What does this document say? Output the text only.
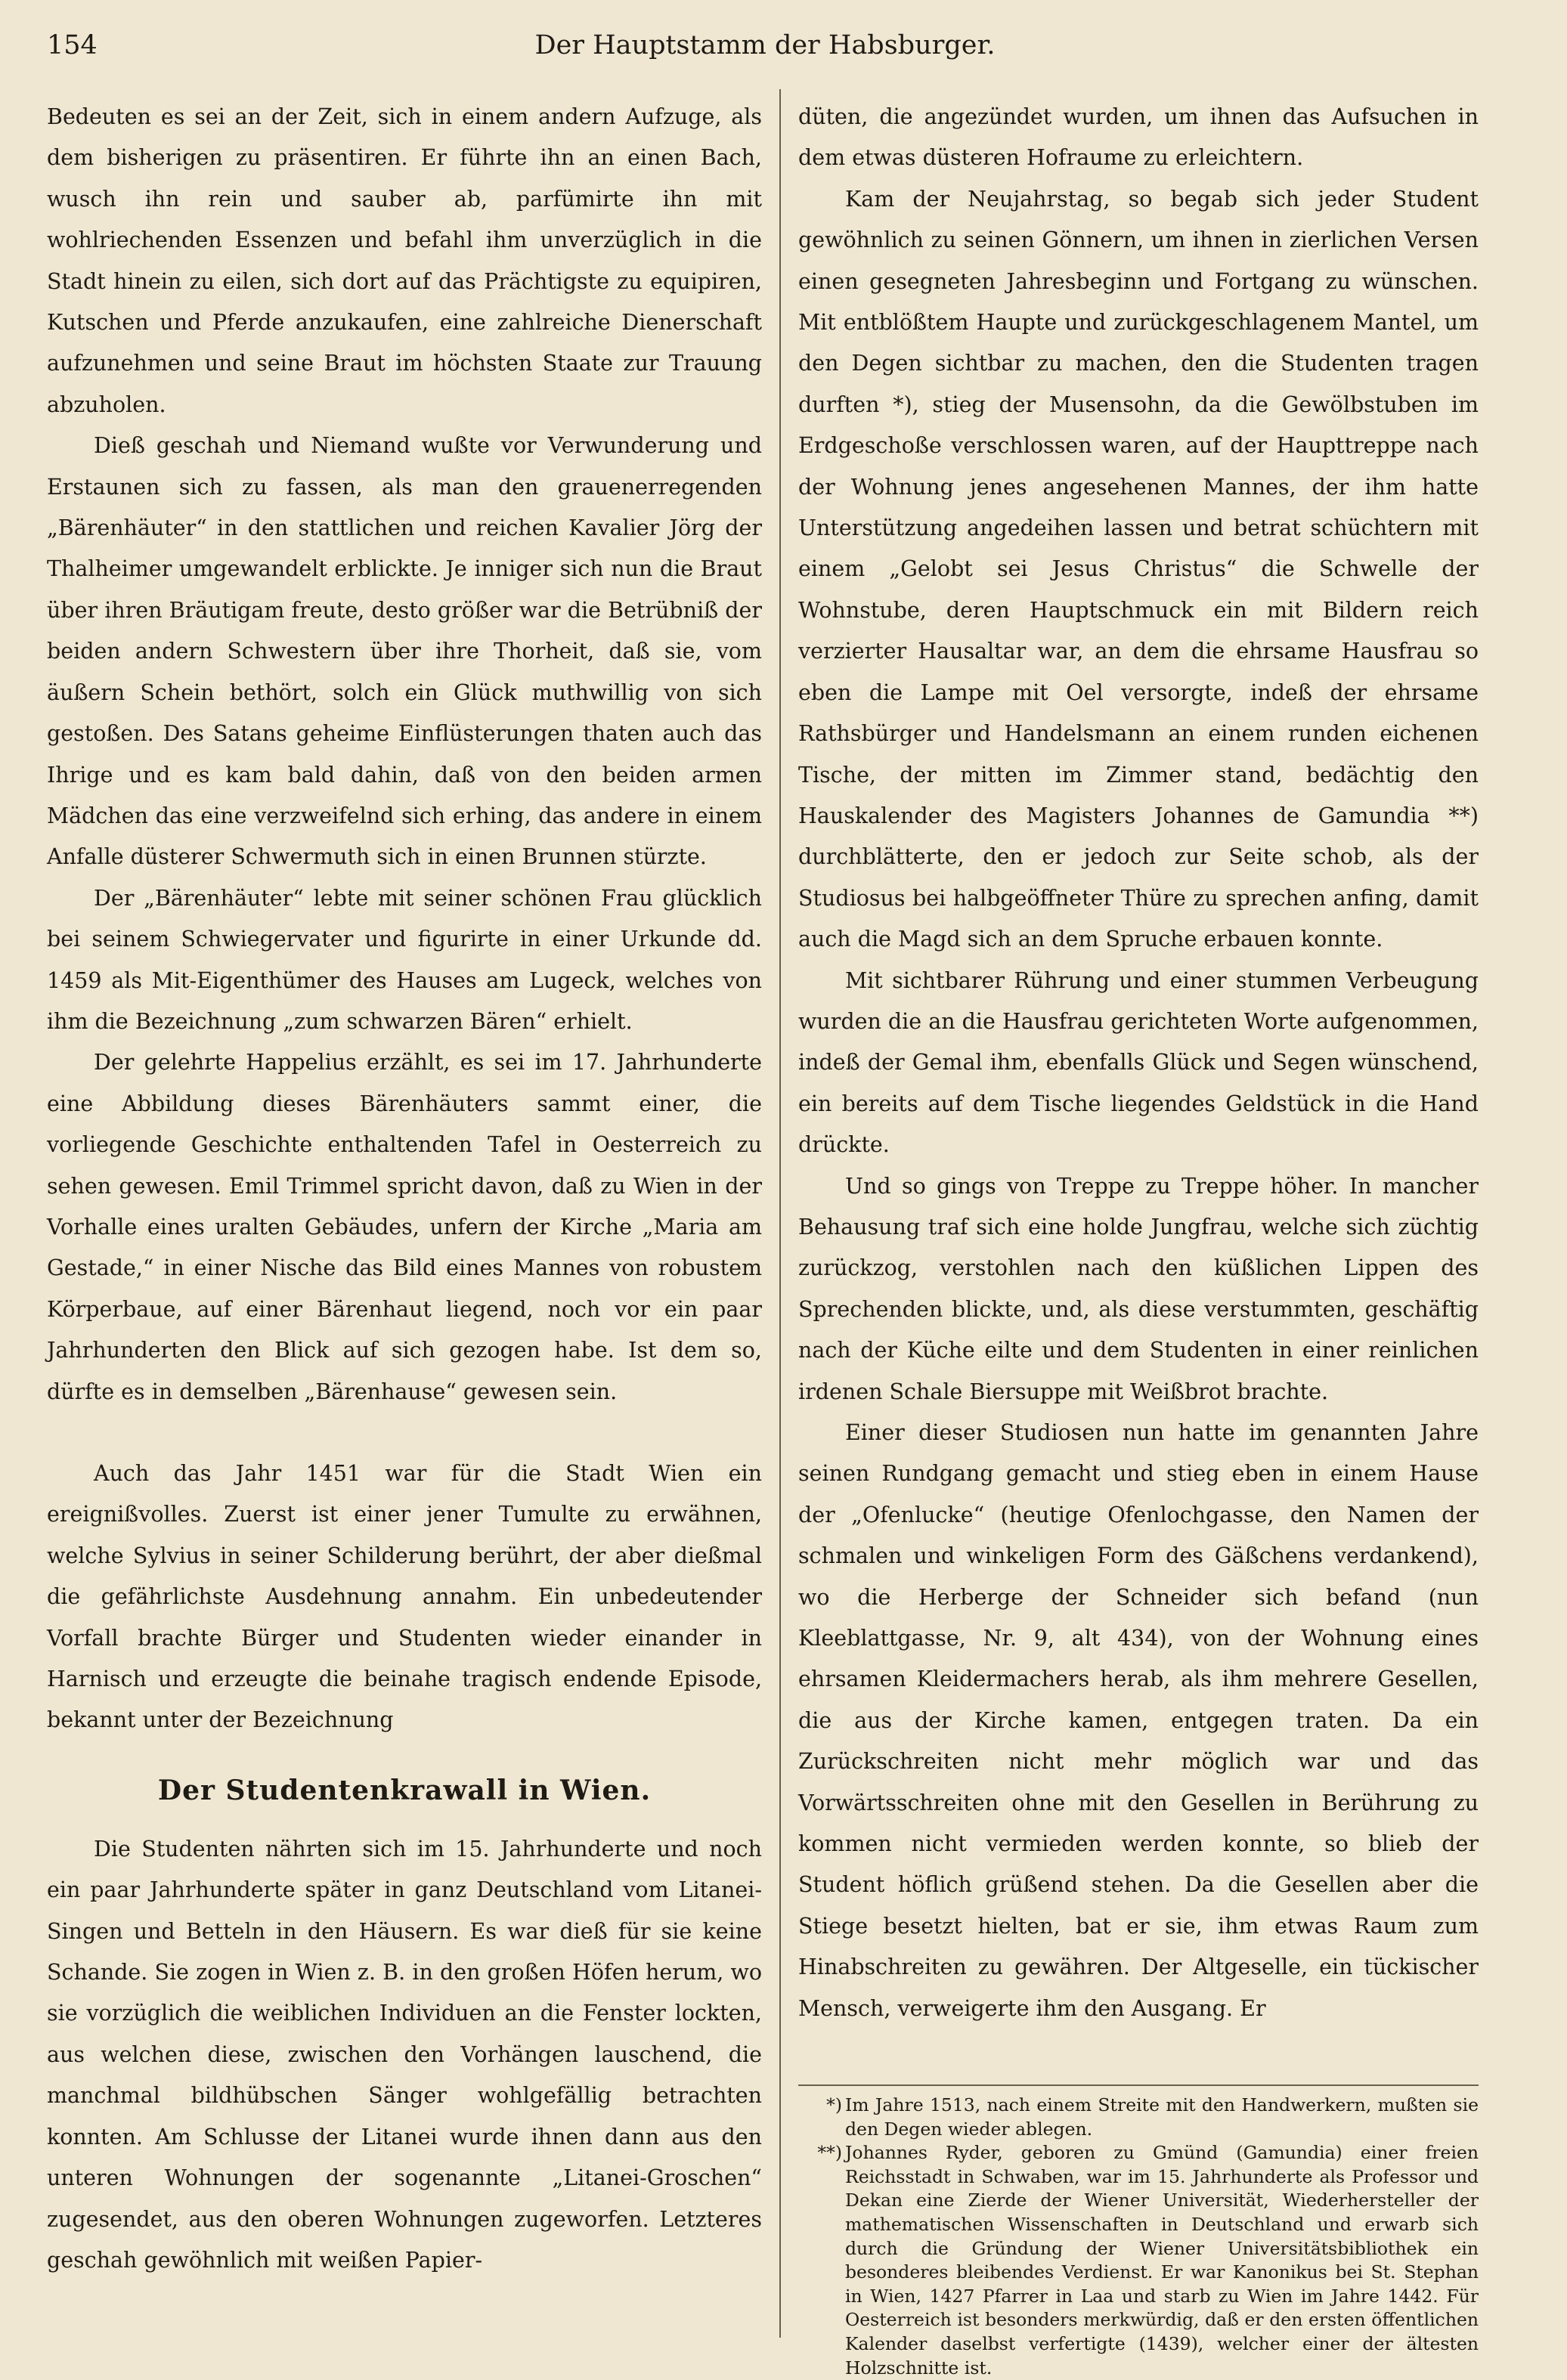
154	Der Hauptstamm der Habsburger.

Bedeuten es sei an der Zeit, sich in einem andern Aufzuge, als dem bisherigen zu präsentiren. Er führte ihn an einen Bach, wusch ihn rein und sauber ab, parfümirte ihn mit wohlriechenden Essenzen und befahl ihm unverzüglich in die Stadt hinein zu eilen, sich dort auf das Prächtigste zu equipiren, Kutschen und Pferde anzukaufen, eine zahlreiche Dienerschaft aufzunehmen und seine Braut im höchsten Staate zur Trauung abzuholen.

Dieß geschah und Niemand wußte vor Verwunderung und Erstaunen sich zu fassen, als man den grauenerregenden „Bärenhäuter“ in den stattlichen und reichen Kavalier Jörg der Thalheimer umgewandelt erblickte. Je inniger sich nun die Braut über ihren Bräutigam freute, desto größer war die Betrübniß der beiden andern Schwestern über ihre Thorheit, daß sie, vom äußern Schein bethört, solch ein Glück muthwillig von sich gestoßen. Des Satans geheime Einflüsterungen thaten auch das Ihrige und es kam bald dahin, daß von den beiden armen Mädchen das eine verzweifelnd sich erhing, das andere in einem Anfalle düsterer Schwermuth sich in einen Brunnen stürzte.

Der „Bärenhäuter“ lebte mit seiner schönen Frau glücklich bei seinem Schwiegervater und figurirte in einer Urkunde dd. 1459 als Mit-Eigenthümer des Hauses am Lugeck, welches von ihm die Bezeichnung „zum schwarzen Bären“ erhielt.

Der gelehrte Happelius erzählt, es sei im 17. Jahrhunderte eine Abbildung dieses Bärenhäuters sammt einer, die vorliegende Geschichte enthaltenden Tafel in Oesterreich zu sehen gewesen. Emil Trimmel spricht davon, daß zu Wien in der Vorhalle eines uralten Gebäudes, unfern der Kirche „Maria am Gestade,“ in einer Nische das Bild eines Mannes von robustem Körperbaue, auf einer Bärenhaut liegend, noch vor ein paar Jahrhunderten den Blick auf sich gezogen habe. Ist dem so, dürfte es in demselben „Bärenhause“ gewesen sein.

Auch das Jahr 1451 war für die Stadt Wien ein ereignißvolles. Zuerst ist einer jener Tumulte zu erwähnen, welche Sylvius in seiner Schilderung berührt, der aber dießmal die gefährlichste Ausdehnung annahm. Ein unbedeutender Vorfall brachte Bürger und Studenten wieder einander in Harnisch und erzeugte die beinahe tragisch endende Episode, bekannt unter der Bezeichnung

Der Studentenkrawall in Wien.

Die Studenten nährten sich im 15. Jahrhunderte und noch ein paar Jahrhunderte später in ganz Deutschland vom Litanei-Singen und Betteln in den Häusern. Es war dieß für sie keine Schande. Sie zogen in Wien z. B. in den großen Höfen herum, wo sie vorzüglich die weiblichen Individuen an die Fenster lockten, aus welchen diese, zwischen den Vorhängen lauschend, die manchmal bildhübschen Sänger wohlgefällig betrachten konnten. Am Schlusse der Litanei wurde ihnen dann aus den unteren Wohnungen der sogenannte „Litanei-Groschen“ zugesendet, aus den oberen Wohnungen zugeworfen. Letzteres geschah gewöhnlich mit weißen Papier-

düten, die angezündet wurden, um ihnen das Aufsuchen in dem etwas düsteren Hofraume zu erleichtern.

Kam der Neujahrstag, so begab sich jeder Student gewöhnlich zu seinen Gönnern, um ihnen in zierlichen Versen einen gesegneten Jahresbeginn und Fortgang zu wünschen. Mit entblößtem Haupte und zurückgeschlagenem Mantel, um den Degen sichtbar zu machen, den die Studenten tragen durften *), stieg der Musensohn, da die Gewölbstuben im Erdgeschoße verschlossen waren, auf der Haupttreppe nach der Wohnung jenes angesehenen Mannes, der ihm hatte Unterstützung angedeihen lassen und betrat schüchtern mit einem „Gelobt sei Jesus Christus“ die Schwelle der Wohnstube, deren Hauptschmuck ein mit Bildern reich verzierter Hausaltar war, an dem die ehrsame Hausfrau so eben die Lampe mit Oel versorgte, indeß der ehrsame Rathsbürger und Handelsmann an einem runden eichenen Tische, der mitten im Zimmer stand, bedächtig den Hauskalender des Magisters Johannes de Gamundia **) durchblätterte, den er jedoch zur Seite schob, als der Studiosus bei halbgeöffneter Thüre zu sprechen anfing, damit auch die Magd sich an dem Spruche erbauen konnte.

Mit sichtbarer Rührung und einer stummen Verbeugung wurden die an die Hausfrau gerichteten Worte aufgenommen, indeß der Gemal ihm, ebenfalls Glück und Segen wünschend, ein bereits auf dem Tische liegendes Geldstück in die Hand drückte.

Und so gings von Treppe zu Treppe höher. In mancher Behausung traf sich eine holde Jungfrau, welche sich züchtig zurückzog, verstohlen nach den küßlichen Lippen des Sprechenden blickte, und, als diese verstummten, geschäftig nach der Küche eilte und dem Studenten in einer reinlichen irdenen Schale Biersuppe mit Weißbrot brachte.

Einer dieser Studiosen nun hatte im genannten Jahre seinen Rundgang gemacht und stieg eben in einem Hause der „Ofenlucke“ (heutige Ofenlochgasse, den Namen der schmalen und winkeligen Form des Gäßchens verdankend), wo die Herberge der Schneider sich befand (nun Kleeblattgasse, Nr. 9, alt 434), von der Wohnung eines ehrsamen Kleidermachers herab, als ihm mehrere Gesellen, die aus der Kirche kamen, entgegen traten. Da ein Zurückschreiten nicht mehr möglich war und das Vorwärtsschreiten ohne mit den Gesellen in Berührung zu kommen nicht vermieden werden konnte, so blieb der Student höflich grüßend stehen. Da die Gesellen aber die Stiege besetzt hielten, bat er sie, ihm etwas Raum zum Hinabschreiten zu gewähren. Der Altgeselle, ein tückischer Mensch, verweigerte ihm den Ausgang. Er

*) Im Jahre 1513, nach einem Streite mit den Handwerkern, mußten sie den Degen wieder ablegen.

**) Johannes Ryder, geboren zu Gmünd (Gamundia) einer freien Reichsstadt in Schwaben, war im 15. Jahrhunderte als Professor und Dekan eine Zierde der Wiener Universität, Wiederhersteller der mathematischen Wissenschaften in Deutschland und erwarb sich durch die Gründung der Wiener Universitätsbibliothek ein besonderes bleibendes Verdienst. Er war Kanonikus bei St. Stephan in Wien, 1427 Pfarrer in Laa und starb zu Wien im Jahre 1442. Für Oesterreich ist besonders merkwürdig, daß er den ersten öffentlichen Kalender daselbst verfertigte (1439), welcher einer der ältesten Holzschnitte ist.
